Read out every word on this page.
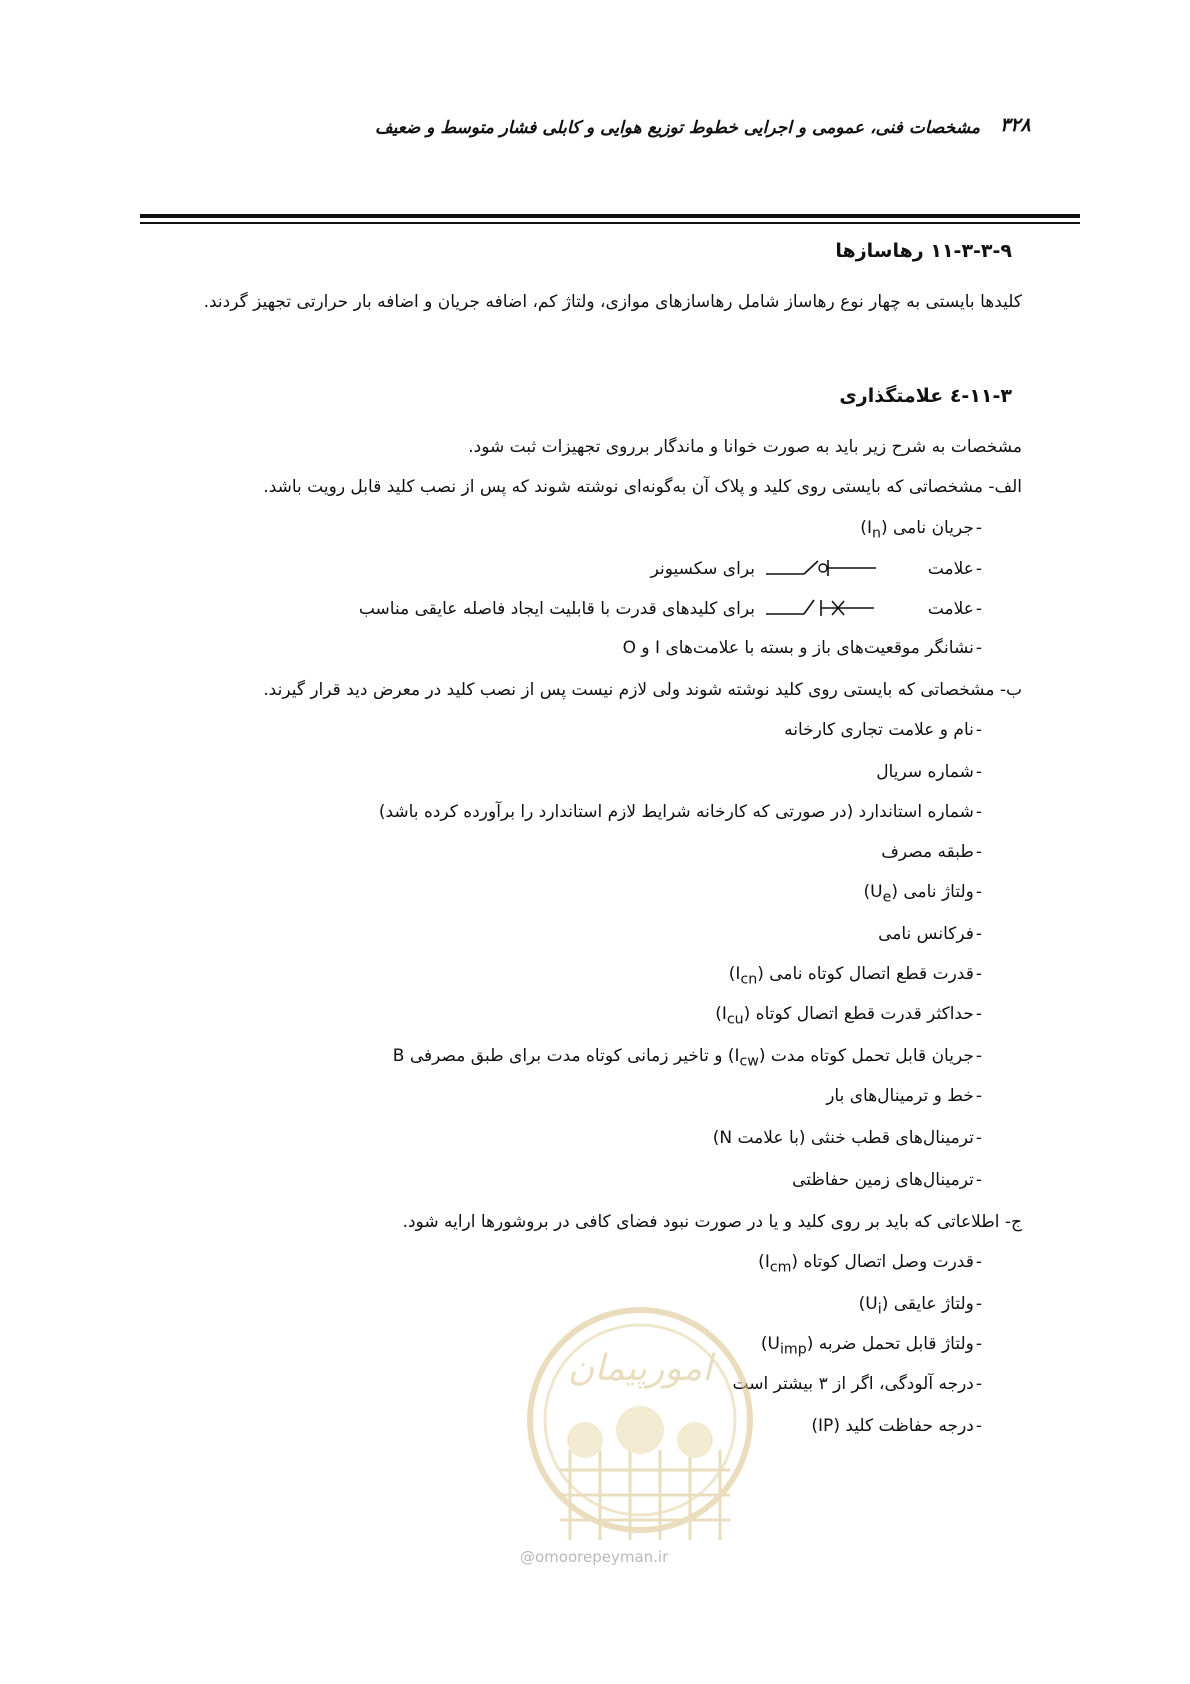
۳۲۸
مشخصات فنی، عمومی و اجرایی خطوط توزیع هوایی و کابلی فشار متوسط و ضعیف
۱۱-۳-۳-۹ رهاسازها
کلیدها بایستی به چهار نوع رهاساز شامل رهاسازهای موازی، ولتاژ کم، اضافه جریان و اضافه بار حرارتی تجهیز گردند.
۱۱-۳-٤ علامتگذاری
مشخصات به شرح زیر باید به صورت خوانا و ماندگار برروی تجهیزات ثبت شود.
الف- مشخصاتی که بایستی روی کلید و پلاک آن به‌گونه‌ای نوشته شوند که پس از نصب کلید قابل رویت باشد.
-جریان نامی $(I_n)$
-علامت  برای سکسیونر
-علامت  برای کلیدهای قدرت با قابلیت ایجاد فاصله عایقی مناسب
-نشانگر موقعیت‌های باز و بسته با علامت‌های I و O
ب- مشخصاتی که بایستی روی کلید نوشته شوند ولی لازم نیست پس از نصب کلید در معرض دید قرار گیرند.
-نام و علامت تجاری کارخانه
-شماره سریال
-شماره استاندارد (در صورتی که کارخانه شرایط لازم استاندارد را برآورده کرده باشد)
-طبقه مصرف
-ولتاژ نامی $(U_e)$
-فرکانس نامی
-قدرت قطع اتصال کوتاه نامی $(I_{cn})$
-حداکثر قدرت قطع اتصال کوتاه $(I_{cu})$
-جریان قابل تحمل کوتاه مدت $(I_{cw})$ و تاخیر زمانی کوتاه مدت برای طبق مصرفی B
-خط و ترمینال‌های بار
-ترمینال‌های قطب خنثی (با علامت N)
-ترمینال‌های زمین حفاظتی
ج- اطلاعاتی که باید بر روی کلید و یا در صورت نبود فضای کافی در بروشورها ارایه شود.
-قدرت وصل اتصال کوتاه $(I_{cm})$
-ولتاژ عایقی $(U_i)$
-ولتاژ قابل تحمل ضربه $(U_{imp})$
-درجه آلودگی، اگر از ۳ بیشتر است
-درجه حفاظت کلید (IP)
امورپیمان
@omoorepeyman.ir
